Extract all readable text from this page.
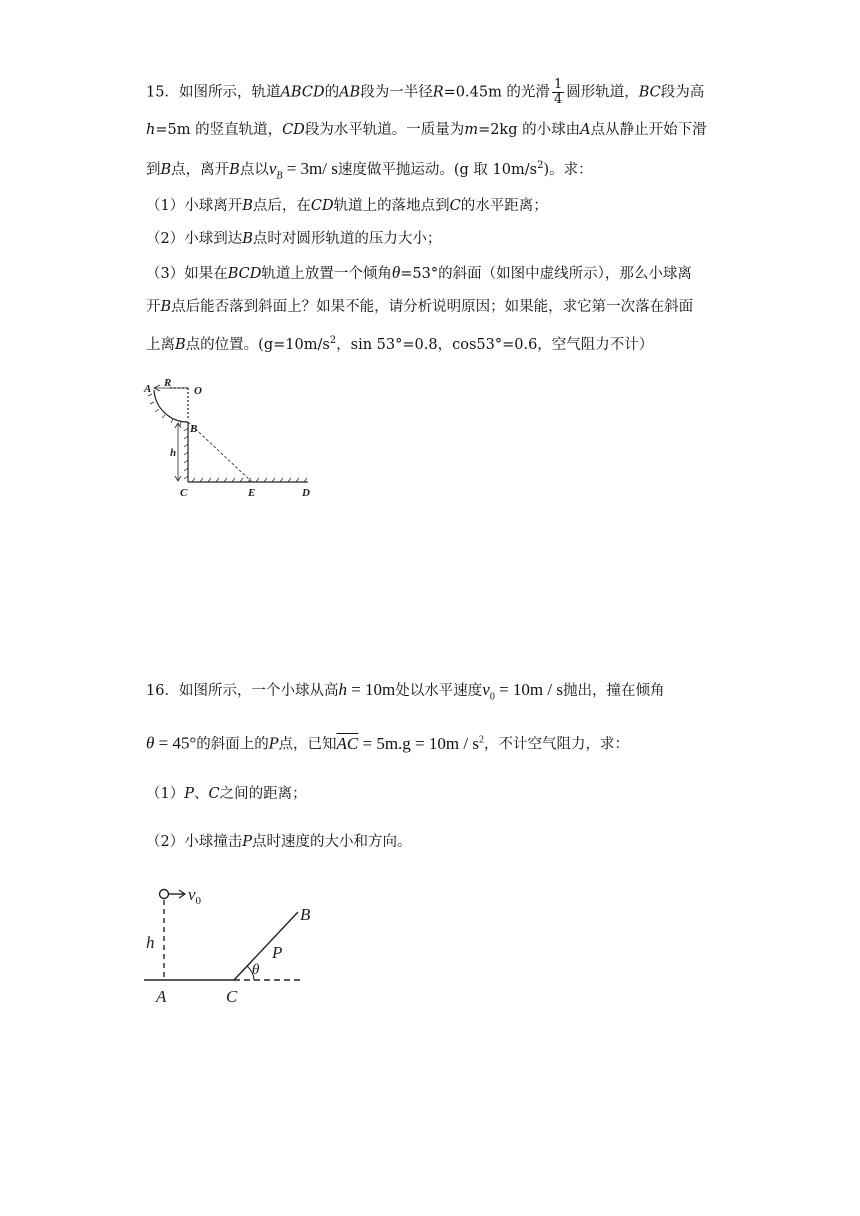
15．如图所示，轨道ABCD的AB段为一半径R=0.45m 的光滑 $\frac{1}{4}$ 圆形轨道，BC段为高
h=5m 的竖直轨道，CD段为水平轨道。一质量为m=2kg 的小球由A点从静止开始下滑
到B点，离开B点以$v_B = 3m/$ s速度做平抛运动。(g 取 $10m/s^2$)。求：
（1）小球离开B点后，在CD轨道上的落地点到C的水平距离；
（2）小球到达B点时对圆形轨道的压力大小；
（3）如果在BCD轨道上放置一个倾角θ=53°的斜面（如图中虚线所示），那么小球离
开B点后能否落到斜面上？如果不能，请分析说明原因；如果能，求它第一次落在斜面
上离B点的位置。($g=10m/s^2$，sin 53°=0.8，cos53°=0.6，空气阻力不计）
A R
O
B
h
C	E	D
16．如图所示，一个小球从高h = 10m处以水平速度$v_0 = 10m / s$抛出，撞在倾角
θ = 45°的斜面上的P点，已知$\overline{AC} = 5m.g = 10m / s^2$，不计空气阻力，求：
（1）P、C之间的距离；
（2）小球撞击P点时速度的大小和方向。
$v_0$
h
A	C
B
P
θ
